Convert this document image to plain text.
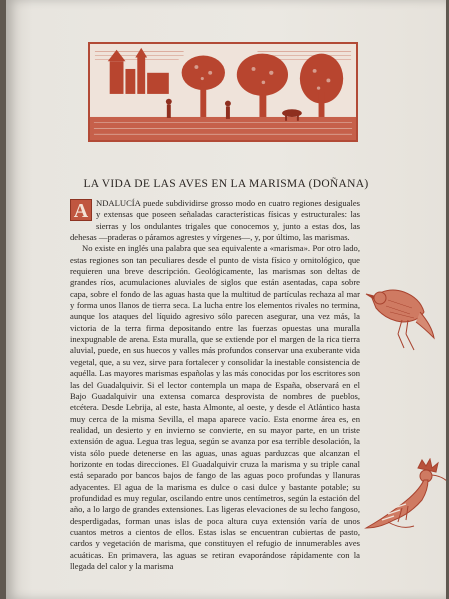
LA VIDA DE LAS AVES EN LA MARISMA (DOÑANA)

A NDALUCÍA puede subdividirse grosso modo en cuatro regiones desiguales y extensas que poseen señaladas características físicas y estructurales: las sierras y los ondulantes trigales que conocemos y, junto a estas dos, las dehesas —praderas o páramos agrestes y vírgenes—, y, por último, las marismas.

No existe en inglés una palabra que sea equivalente a «marisma». Por otro lado, estas regiones son tan peculiares desde el punto de vista físico y ornitológico, que requieren una breve descripción. Geológicamente, las marismas son deltas de grandes ríos, acumulaciones aluviales de siglos que están asentadas, capa sobre capa, sobre el fondo de las aguas hasta que la multitud de partículas rechaza al mar y forma unos llanos de tierra seca. La lucha entre los elementos rivales no termina, aunque los ataques del líquido agresivo sólo parecen asegurar, una vez más, la victoria de la terra firma depositando entre las fuerzas opuestas una muralla inexpugnable de arena. Esta muralla, que se extiende por el margen de la rica tierra aluvial, puede, en sus huecos y valles más profundos conservar una exuberante vida vegetal, que, a su vez, sirve para fortalecer y consolidar la inestable consistencia de aquélla. Las mayores marismas españolas y las más conocidas por los escritores son las del Guadalquivir. Si el lector contempla un mapa de España, observará en el Bajo Guadalquivir una extensa comarca desprovista de nombres de pueblos, etcétera. Desde Lebrija, al este, hasta Almonte, al oeste, y desde el Atlántico hasta muy cerca de la misma Sevilla, el mapa aparece vacío. Esta enorme área es, en realidad, un desierto y en invierno se convierte, en su mayor parte, en un triste extensión de agua. Legua tras legua, según se avanza por esa terrible desolación, la vista sólo puede detenerse en las aguas, unas aguas parduzcas que alcanzan el horizonte en todas direcciones. El Guadalquivir cruza la marisma y su triple canal está separado por bancos bajos de fango de las aguas poco profundas y llanuras adyacentes. El agua de la marisma es dulce o casi dulce y bastante potable; su profundidad es muy regular, oscilando entre unos centímetros, según la estación del año, a lo largo de grandes extensiones. Las ligeras elevaciones de su lecho fangoso, desperdigadas, forman unas islas de poca altura cuya extensión varía de unos cuantos metros a cientos de ellos. Estas islas se encuentran cubiertas de pasto, cardos y vegetación de marisma, que constituyen el refugio de innumerables aves acuáticas. En primavera, las aguas se retiran evaporándose rápidamente con la llegada del calor y la marisma
